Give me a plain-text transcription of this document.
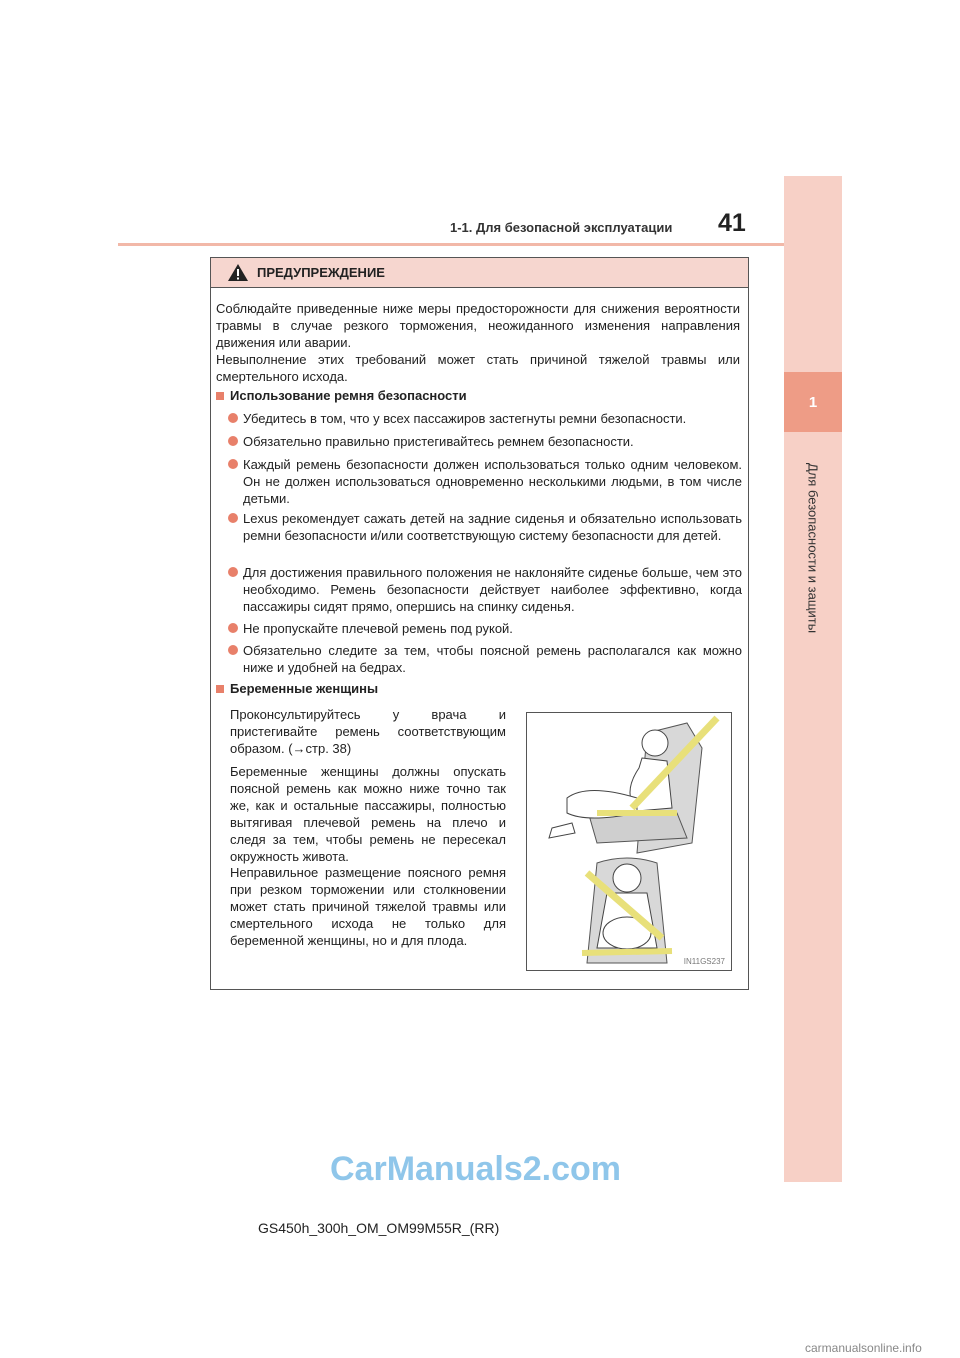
1
Для безопасности и защиты
1-1. Для безопасной эксплуатации 41
ПРЕДУПРЕЖДЕНИЕ
Соблюдайте приведенные ниже меры предосторожности для снижения вероятности травмы в случае резкого торможения, неожиданного изменения направления движения или аварии.
Невыполнение этих требований может стать причиной тяжелой травмы или смертельного исхода.
Использование ремня безопасности
Убедитесь в том, что у всех пассажиров застегнуты ремни безопасности.
Обязательно правильно пристегивайтесь ремнем безопасности.
Каждый ремень безопасности должен использоваться только одним человеком. Он не должен использоваться одновременно несколькими людьми, в том числе детьми.
Lexus рекомендует сажать детей на задние сиденья и обязательно использовать ремни безопасности и/или соответствующую систему безопасности для детей.
Для достижения правильного положения не наклоняйте сиденье больше, чем это необходимо. Ремень безопасности действует наиболее эффективно, когда пассажиры сидят прямо, опершись на спинку сиденья.
Не пропускайте плечевой ремень под рукой.
Обязательно следите за тем, чтобы поясной ремень располагался как можно ниже и удобней на бедрах.
Беременные женщины
Проконсультируйтесь у врача и пристегивайте ремень соответствующим образом. (→стр. 38)
Беременные женщины должны опускать поясной ремень как можно ниже точно так же, как и остальные пассажиры, полностью вытягивая плечевой ремень на плечо и следя за тем, чтобы ремень не пересекал окружность живота.
Неправильное размещение поясного ремня при резком торможении или столкновении может стать причиной тяжелой травмы или смертельного исхода не только для беременной женщины, но и для плода.
IN11GS237
GS450h_300h_OM_OM99M55R_(RR)
CarManuals2.com
carmanualsonline.info
